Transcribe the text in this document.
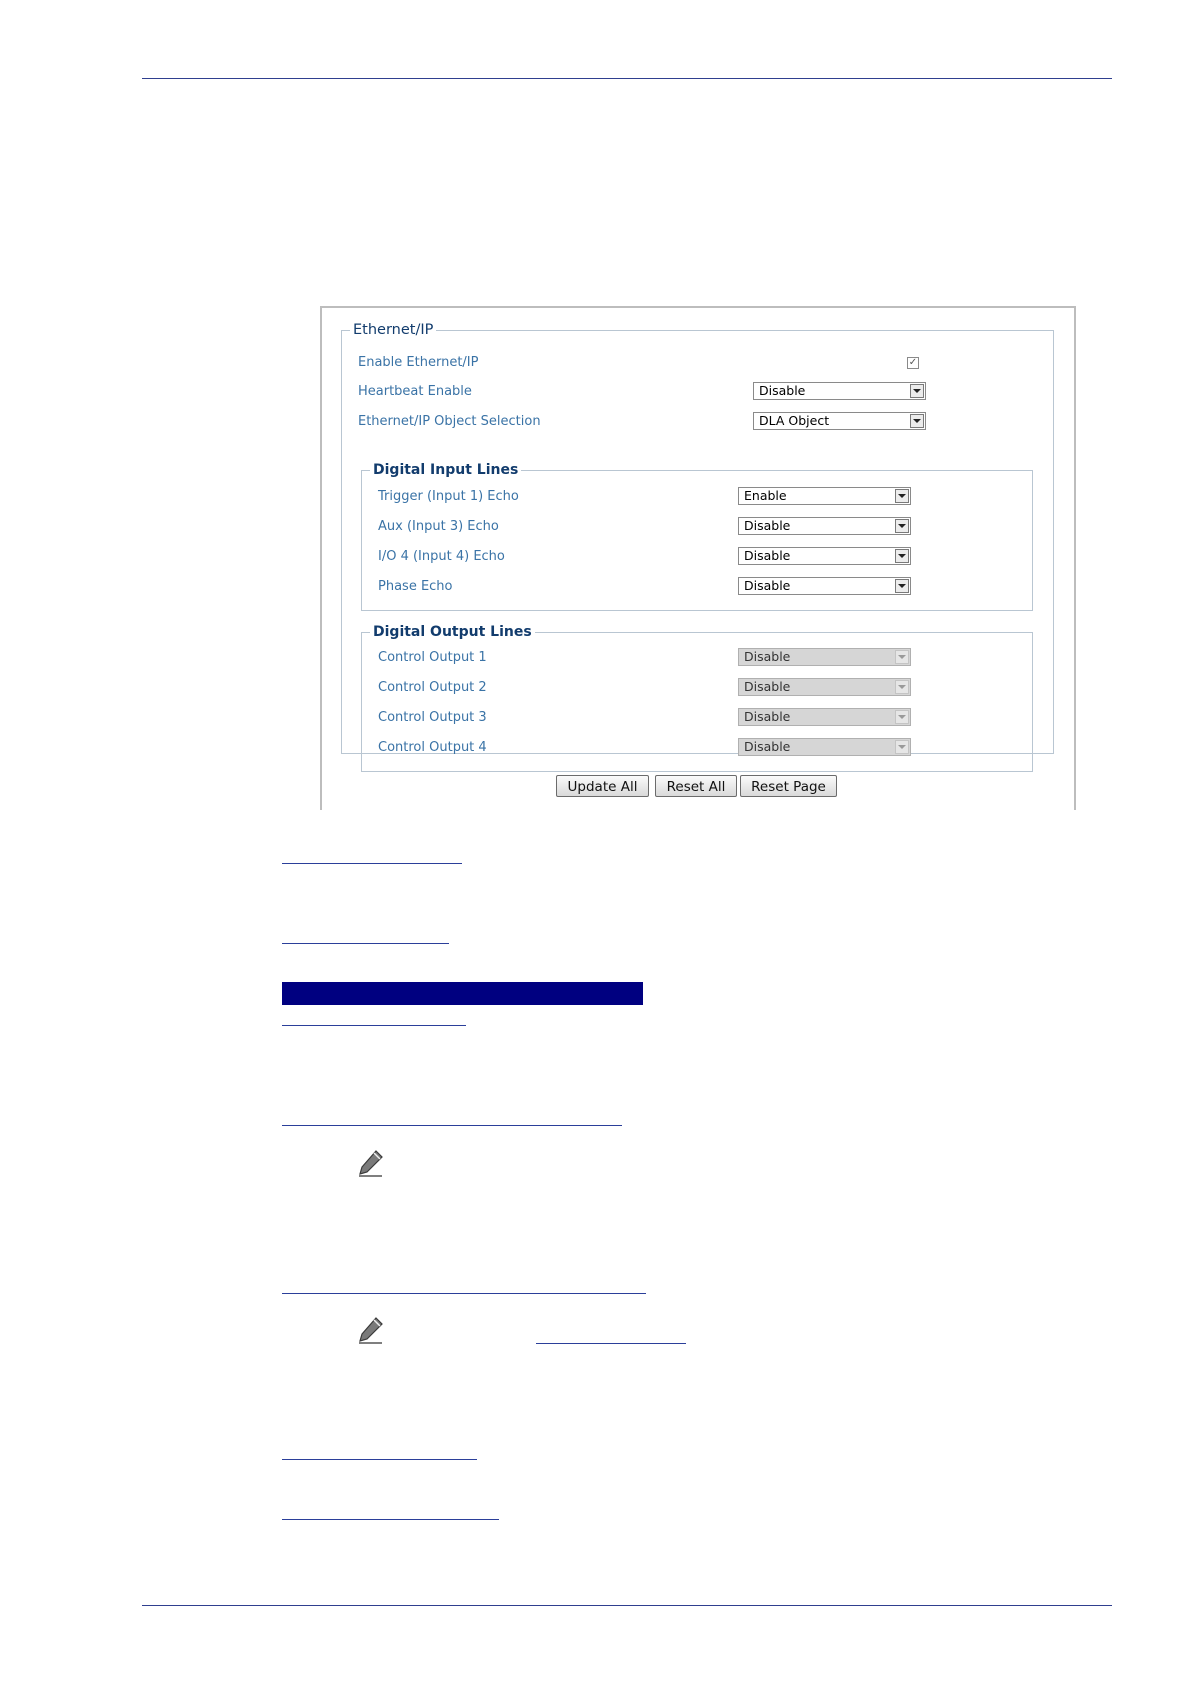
Ethernet/IP
Enable Ethernet/IP	✓
Heartbeat Enable	Disable
Ethernet/IP Object Selection	DLA Object
Digital Input Lines
Trigger (Input 1) Echo	Enable
Aux (Input 3) Echo	Disable
I/O 4 (Input 4) Echo	Disable
Phase Echo	Disable
Digital Output Lines
Control Output 1	Disable
Control Output 2	Disable
Control Output 3	Disable
Control Output 4	Disable
Update All	Reset All	Reset Page
